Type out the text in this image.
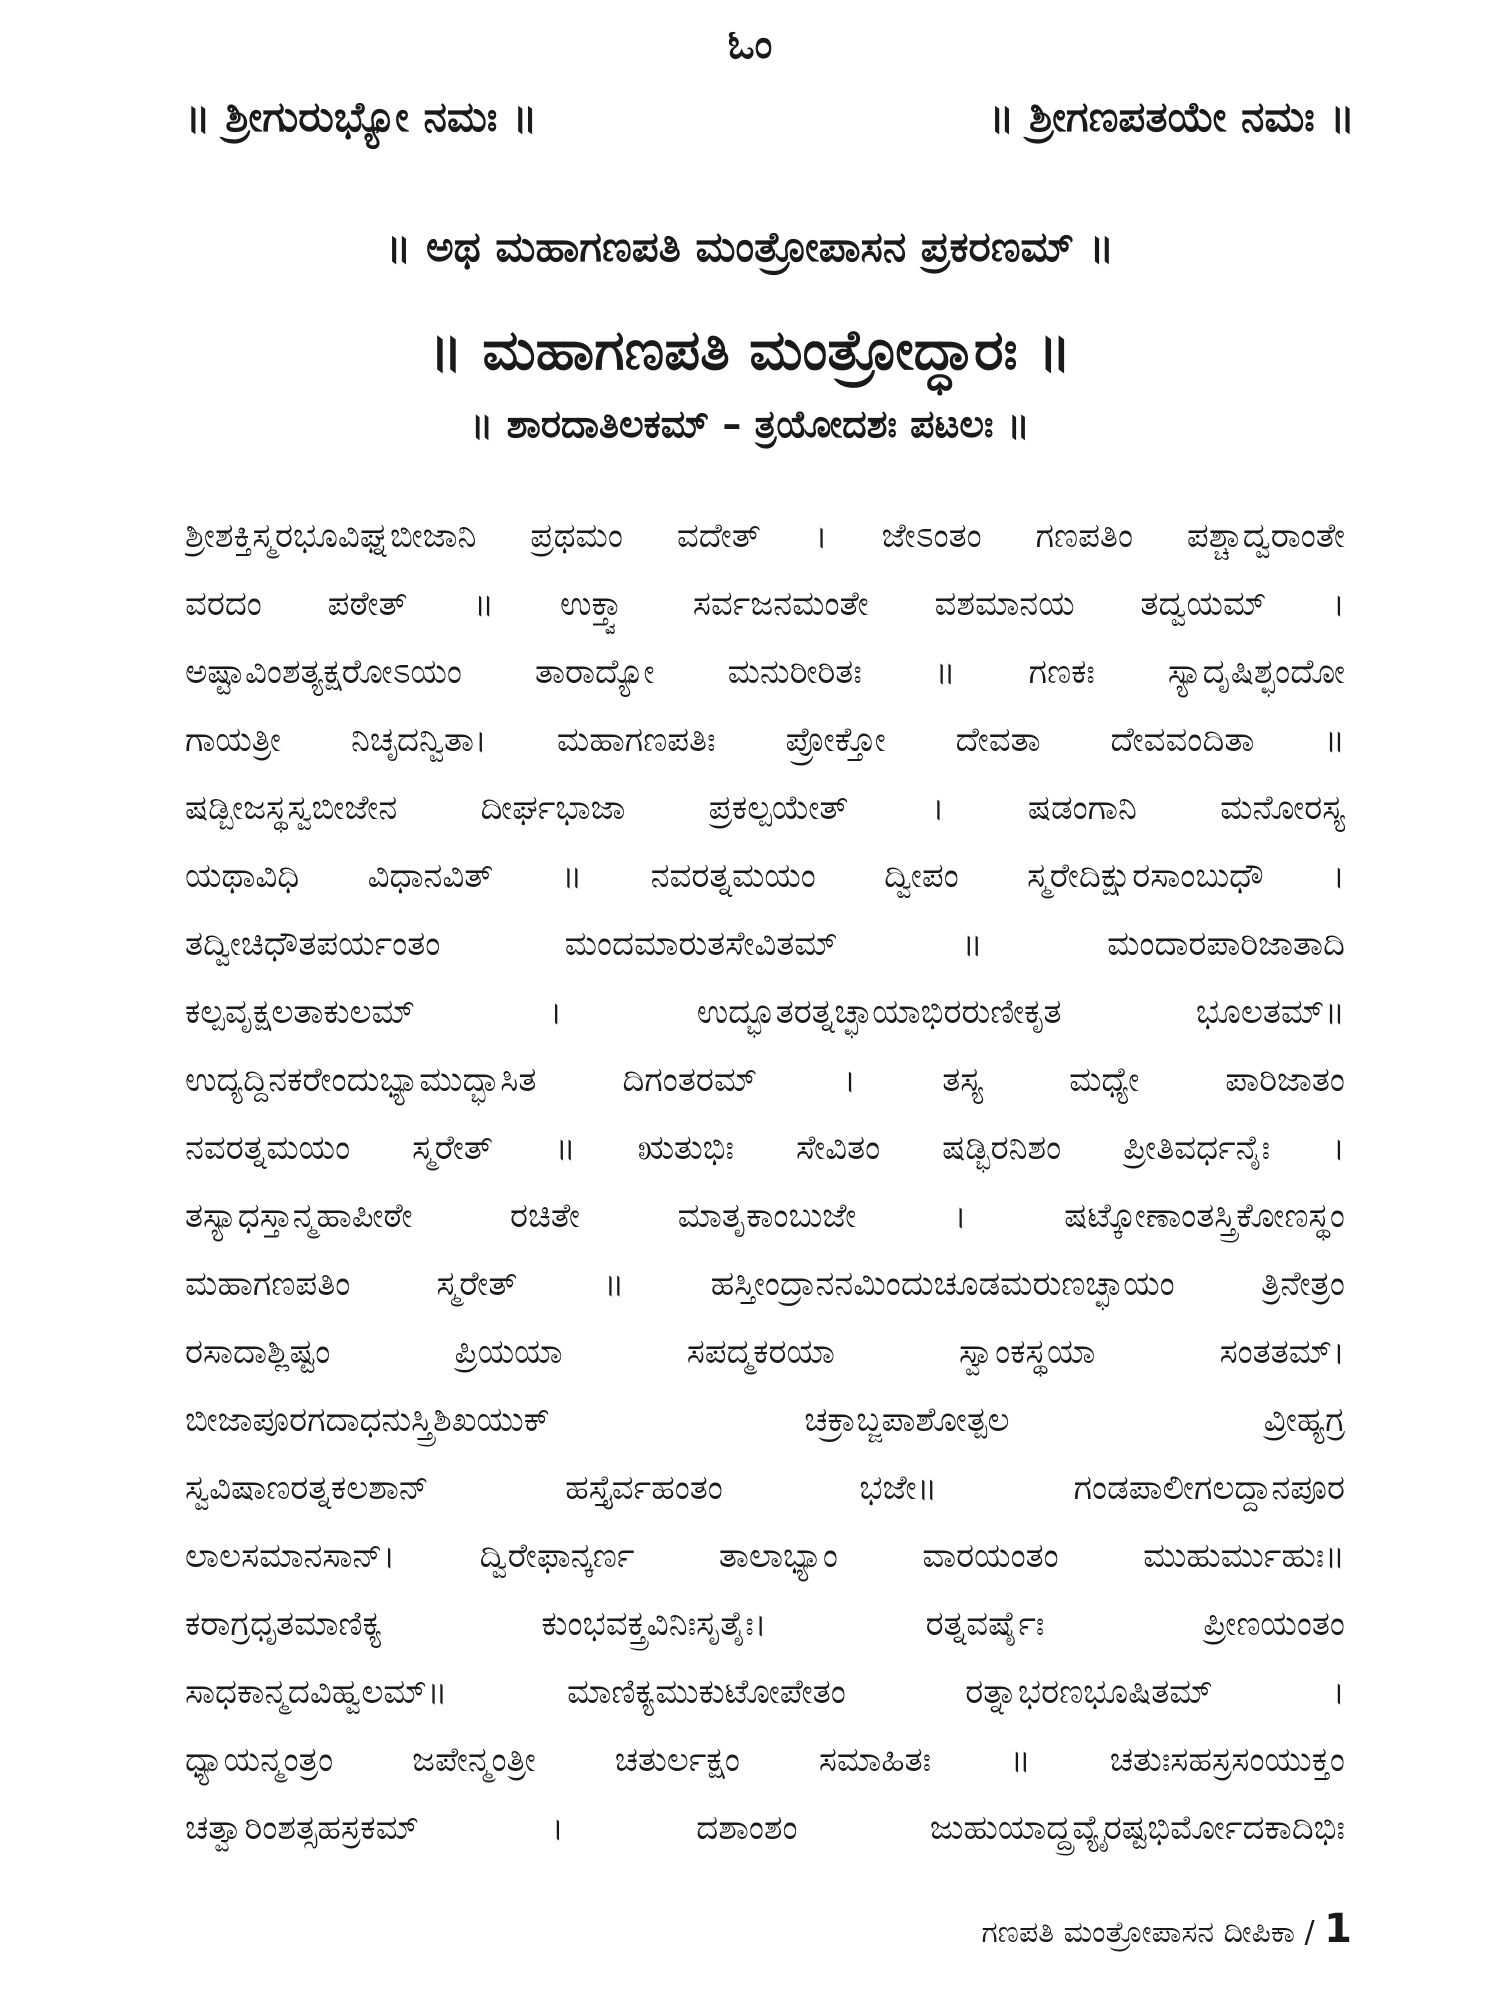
ಓಂ
॥ ಶ್ರೀಗುರುಭ್ಯೋ ನಮಃ ॥	॥ ಶ್ರೀಗಣಪತಯೇ ನಮಃ ॥
॥ ಅಥ ಮಹಾಗಣಪತಿ ಮಂತ್ರೋಪಾಸನ ಪ್ರಕರಣಮ್ ॥
॥ ಮಹಾಗಣಪತಿ ಮಂತ್ರೋದ್ಧಾರಃ ॥
॥ ಶಾರದಾತಿಲಕಮ್ – ತ್ರಯೋದಶಃ ಪಟಲಃ ॥
ಶ್ರೀಶಕ್ತಿಸ್ಮರಭೂವಿಘ್ನಬೀಜಾನಿ ಪ್ರಥಮಂ ವದೇತ್ । ಜೇಽಂತಂ ಗಣಪತಿಂ ಪಶ್ಚಾದ್ವರಾಂತೇ
ವರದಂ ಪಠೇತ್ ॥ ಉಕ್ತ್ವಾ ಸರ್ವಜನಮಂತೇ ವಶಮಾನಯ ತದ್ವಯಮ್ ।
ಅಷ್ಟಾವಿಂಶತ್ಯಕ್ಷರೋಽಯಂ ತಾರಾದ್ಯೋ ಮನುರೀರಿತಃ ॥ ಗಣಕಃ ಸ್ಯಾದೃಷಿಶ್ಛಂದೋ
ಗಾಯತ್ರೀ ನಿಚೃದನ್ವಿತಾ। ಮಹಾಗಣಪತಿಃ ಪ್ರೋಕ್ತೋ ದೇವತಾ ದೇವವಂದಿತಾ ॥
ಷಡ್ಬೀಜಸ್ಥಸ್ವಬೀಜೇನ ದೀರ್ಘಭಾಜಾ ಪ್ರಕಲ್ಪಯೇತ್ । ಷಡಂಗಾನಿ ಮನೋರಸ್ಯ
ಯಥಾವಿಧಿ ವಿಧಾನವಿತ್ ॥ ನವರತ್ನಮಯಂ ದ್ವೀಪಂ ಸ್ಮರೇದಿಕ್ಷುರಸಾಂಬುಧೌ ।
ತದ್ವೀಚಿಧೌತಪರ್ಯಂತಂ ಮಂದಮಾರುತಸೇವಿತಮ್ ॥ ಮಂದಾರಪಾರಿಜಾತಾದಿ
ಕಲ್ಪವೃಕ್ಷಲತಾಕುಲಮ್ । ಉದ್ಭೂತರತ್ನಚ್ಛಾಯಾಭಿರರುಣೀಕೃತ ಭೂಲತಮ್॥
ಉದ್ಯದ್ದಿನಕರೇಂದುಭ್ಯಾಮುದ್ಭಾಸಿತ ದಿಗಂತರಮ್ । ತಸ್ಯ ಮಧ್ಯೇ ಪಾರಿಜಾತಂ
ನವರತ್ನಮಯಂ ಸ್ಮರೇತ್ ॥ ಋತುಭಿಃ ಸೇವಿತಂ ಷಡ್ಭಿರನಿಶಂ ಪ್ರೀತಿವರ್ಧನೈಃ ।
ತಸ್ಯಾಧಸ್ತಾನ್ಮಹಾಪೀಠೇ ರಚಿತೇ ಮಾತೃಕಾಂಬುಜೇ । ಷಟ್ಕೋಣಾಂತಸ್ತ್ರಿಕೋಣಸ್ಥಂ
ಮಹಾಗಣಪತಿಂ ಸ್ಮರೇತ್ ॥ ಹಸ್ತೀಂದ್ರಾನನಮಿಂದುಚೂಡಮರುಣಚ್ಛಾಯಂ ತ್ರಿನೇತ್ರಂ
ರಸಾದಾಶ್ಲಿಷ್ಟಂ ಪ್ರಿಯಯಾ ಸಪದ್ಮಕರಯಾ ಸ್ವಾಂಕಸ್ಥಯಾ ಸಂತತಮ್।
ಬೀಜಾಪೂರಗದಾಧನುಸ್ತ್ರಿಶಿಖಯುಕ್ ಚಕ್ರಾಬ್ಜಪಾಶೋತ್ಪಲ ವ್ರೀಹ್ಯಗ್ರ
ಸ್ವವಿಷಾಣರತ್ನಕಲಶಾನ್ ಹಸ್ತೈರ್ವಹಂತಂ ಭಜೇ॥ ಗಂಡಪಾಲೀಗಲದ್ದಾನಪೂರ
ಲಾಲಸಮಾನಸಾನ್। ದ್ವಿರೇಫಾನ್ಕರ್ಣ ತಾಲಾಭ್ಯಾಂ ವಾರಯಂತಂ ಮುಹುರ್ಮುಹುಃ॥
ಕರಾಗ್ರಧೃತಮಾಣಿಕ್ಯ ಕುಂಭವಕ್ತ್ರವಿನಿಃಸೃತೈಃ। ರತ್ನವರ್ಷೈಃ ಪ್ರೀಣಯಂತಂ
ಸಾಧಕಾನ್ಮದವಿಹ್ವಲಮ್॥ ಮಾಣಿಕ್ಯಮುಕುಟೋಪೇತಂ ರತ್ನಾಭರಣಭೂಷಿತಮ್ ।
ಧ್ಯಾಯನ್ಮಂತ್ರಂ ಜಪೇನ್ಮಂತ್ರೀ ಚತುರ್ಲಕ್ಷಂ ಸಮಾಹಿತಃ ॥ ಚತುಃಸಹಸ್ರಸಂಯುಕ್ತಂ
ಚತ್ವಾರಿಂಶತ್ಸಹಸ್ರಕಮ್ । ದಶಾಂಶಂ ಜುಹುಯಾದ್ದ್ರವ್ಯೈರಷ್ಟಭಿರ್ಮೋದಕಾದಿಭಿಃ
ಗಣಪತಿ ಮಂತ್ರೋಪಾಸನ ದೀಪಿಕಾ / 1
